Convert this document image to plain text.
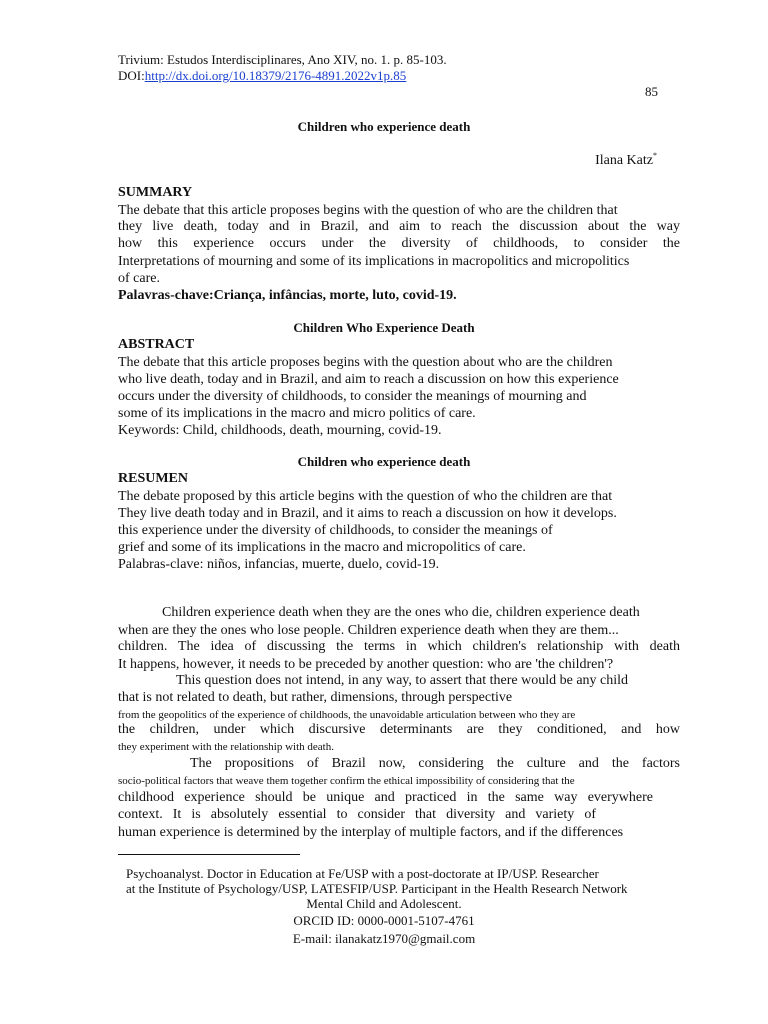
Trivium: Estudos Interdisciplinares, Ano XIV, no. 1. p. 85-103.
DOI:http://dx.doi.org/10.18379/2176-4891.2022v1p.85
85
Children who experience death
Ilana Katz*
SUMMARY
The debate that this article proposes begins with the question of who are the children that
they live death, today and in Brazil, and aim to reach the discussion about the way
how this experience occurs under the diversity of childhoods, to consider the
Interpretations of mourning and some of its implications in macropolitics and micropolitics
of care.
Palavras-chave:Criança, infâncias, morte, luto, covid-19.
Children Who Experience Death
ABSTRACT
The debate that this article proposes begins with the question about who are the children
who live death, today and in Brazil, and aim to reach a discussion on how this experience
occurs under the diversity of childhoods, to consider the meanings of mourning and
some of its implications in the macro and micro politics of care.
Keywords: Child, childhoods, death, mourning, covid-19.
Children who experience death
RESUMEN
The debate proposed by this article begins with the question of who the children are that
They live death today and in Brazil, and it aims to reach a discussion on how it develops.
this experience under the diversity of childhoods, to consider the meanings of
grief and some of its implications in the macro and micropolitics of care.
Palabras-clave: niños, infancias, muerte, duelo, covid-19.
Children experience death when they are the ones who die, children experience death
when are they the ones who lose people. Children experience death when they are them...
children. The idea of discussing the terms in which children's relationship with death
It happens, however, it needs to be preceded by another question: who are 'the children'?
This question does not intend, in any way, to assert that there would be any child
that is not related to death, but rather, dimensions, through perspective
from the geopolitics of the experience of childhoods, the unavoidable articulation between who they are
the children, under which discursive determinants are they conditioned, and how
they experiment with the relationship with death.
The propositions of Brazil now, considering the culture and the factors
socio-political factors that weave them together confirm the ethical impossibility of considering that the
childhood experience should be unique and practiced in the same way everywhere
context. It is absolutely essential to consider that diversity and variety of
human experience is determined by the interplay of multiple factors, and if the differences
Psychoanalyst. Doctor in Education at Fe/USP with a post-doctorate at IP/USP. Researcher
at the Institute of Psychology/USP, LATESFIP/USP. Participant in the Health Research Network
Mental Child and Adolescent.
ORCID ID: 0000-0001-5107-4761
E-mail: ilanakatz1970@gmail.com
